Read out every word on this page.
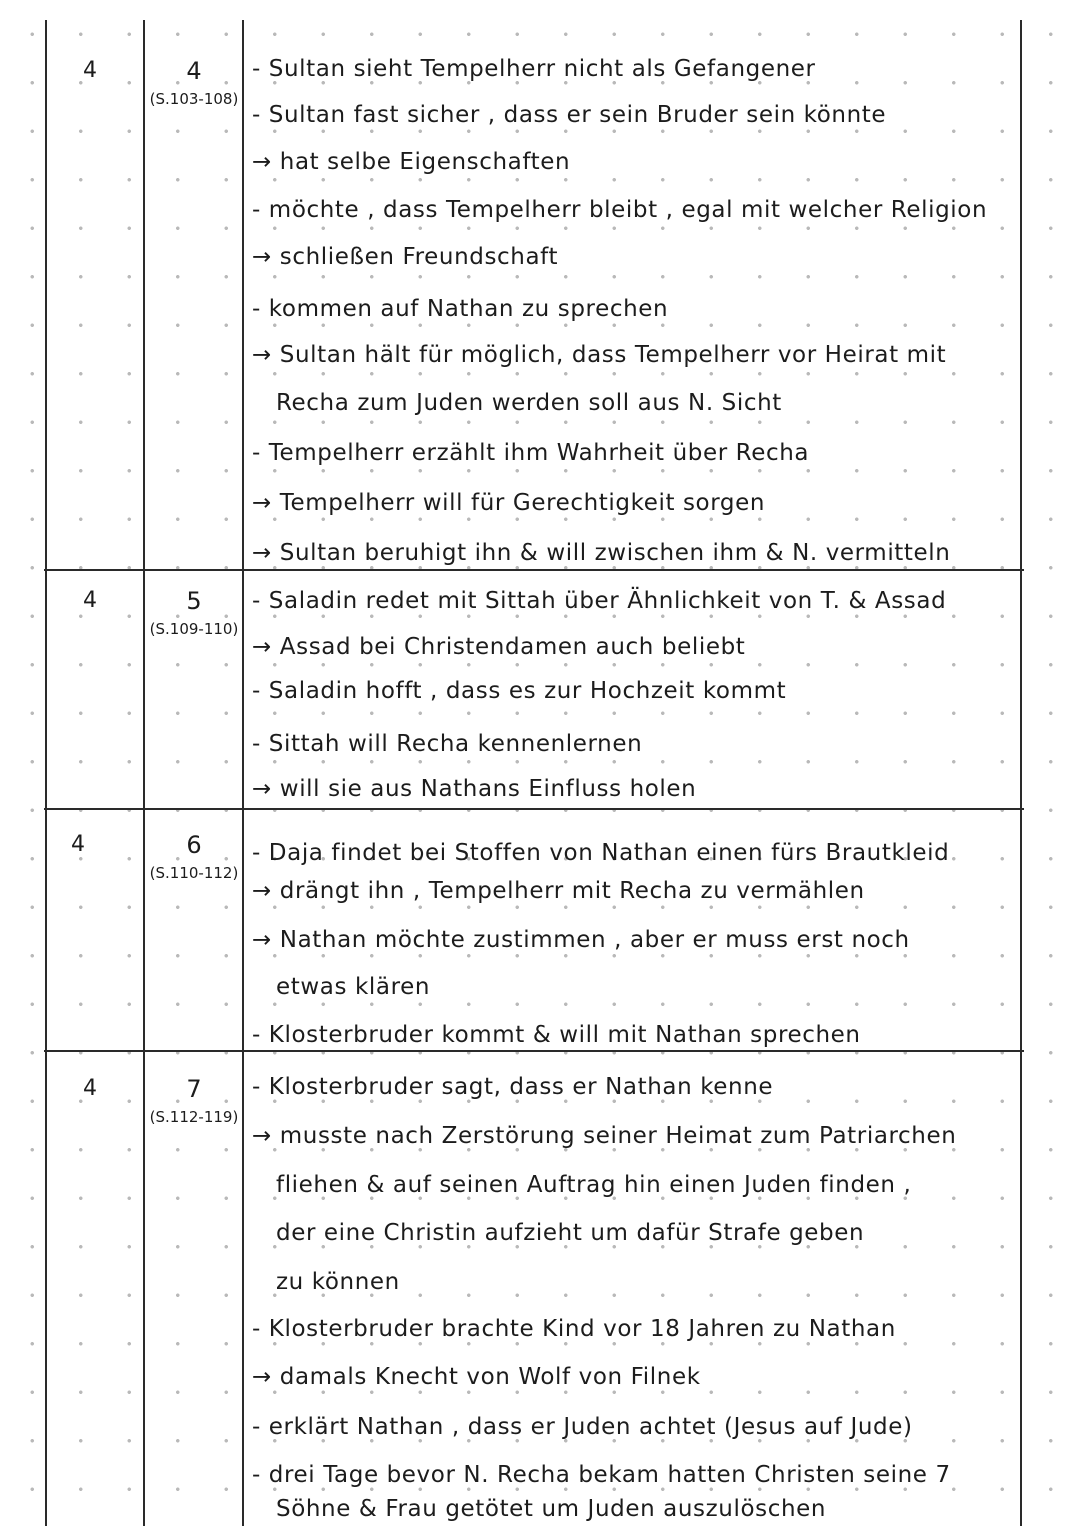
4	4
(S.103-108)
- Sultan sieht Tempelherr nicht als Gefangener
- Sultan fast sicher , dass er sein Bruder sein könnte
→ hat selbe Eigenschaften
- möchte , dass Tempelherr bleibt , egal mit welcher Religion
→ schließen Freundschaft
- kommen auf Nathan zu sprechen
→ Sultan hält für möglich, dass Tempelherr vor Heirat mit
Recha zum Juden werden soll aus N. Sicht
- Tempelherr erzählt ihm Wahrheit über Recha
→ Tempelherr will für Gerechtigkeit sorgen
→ Sultan beruhigt ihn & will zwischen ihm & N. vermitteln
4	5
(S.109-110)
- Saladin redet mit Sittah über Ähnlichkeit von T. & Assad
→ Assad bei Christendamen auch beliebt
- Saladin hofft , dass es zur Hochzeit kommt
- Sittah will Recha kennenlernen
→ will sie aus Nathans Einfluss holen
4	6
(S.110-112)
- Daja findet bei Stoffen von Nathan einen fürs Brautkleid
→ drängt ihn , Tempelherr mit Recha zu vermählen
→ Nathan möchte zustimmen , aber er muss erst noch
etwas klären
- Klosterbruder kommt & will mit Nathan sprechen
4	7
(S.112-119)
- Klosterbruder sagt, dass er Nathan kenne
→ musste nach Zerstörung seiner Heimat zum Patriarchen
fliehen & auf seinen Auftrag hin einen Juden finden ,
der eine Christin aufzieht um dafür Strafe geben
zu können
- Klosterbruder brachte Kind vor 18 Jahren zu Nathan
→ damals Knecht von Wolf von Filnek
- erklärt Nathan , dass er Juden achtet (Jesus auf Jude)
- drei Tage bevor N. Recha bekam hatten Christen seine 7
Söhne & Frau getötet um Juden auszulöschen
